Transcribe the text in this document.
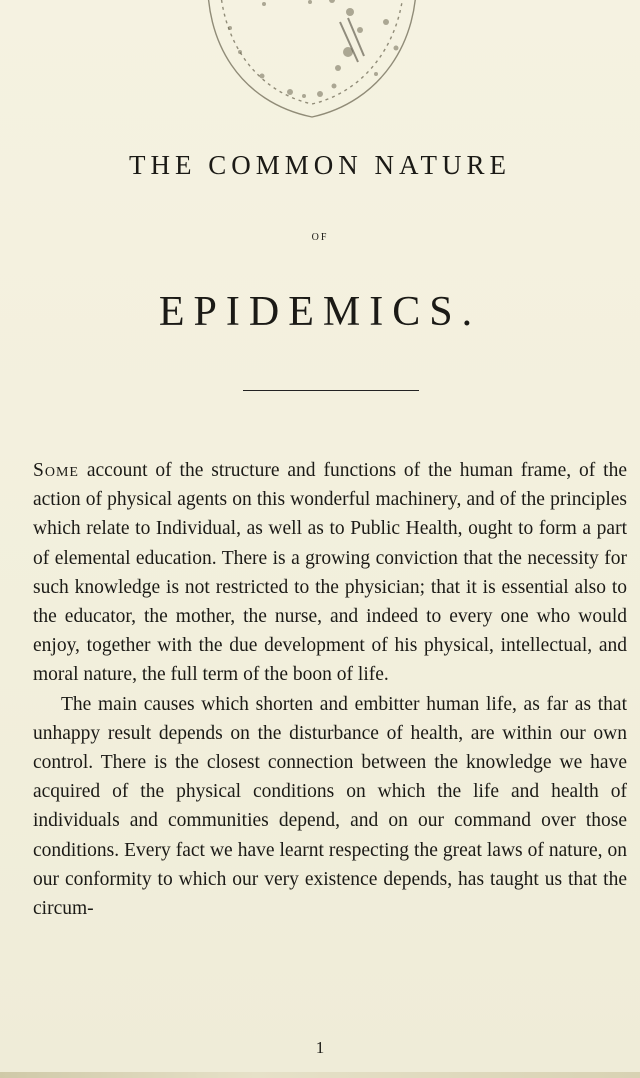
THE COMMON NATURE
OF
EPIDEMICS.

Some account of the structure and functions of the human frame, of the action of physical agents on this wonderful machinery, and of the principles which relate to Individual, as well as to Public Health, ought to form a part of elemental education. There is a growing conviction that the necessity for such knowledge is not restricted to the physician; that it is essential also to the educator, the mother, the nurse, and indeed to every one who would enjoy, together with the due development of his physical, intellectual, and moral nature, the full term of the boon of life.

The main causes which shorten and embitter human life, as far as that unhappy result depends on the disturbance of health, are within our own control. There is the closest connection between the knowledge we have acquired of the physical conditions on which the life and health of individuals and communities depend, and on our command over those conditions. Every fact we have learnt respecting the great laws of nature, on our conformity to which our very existence depends, has taught us that the circum-

1
